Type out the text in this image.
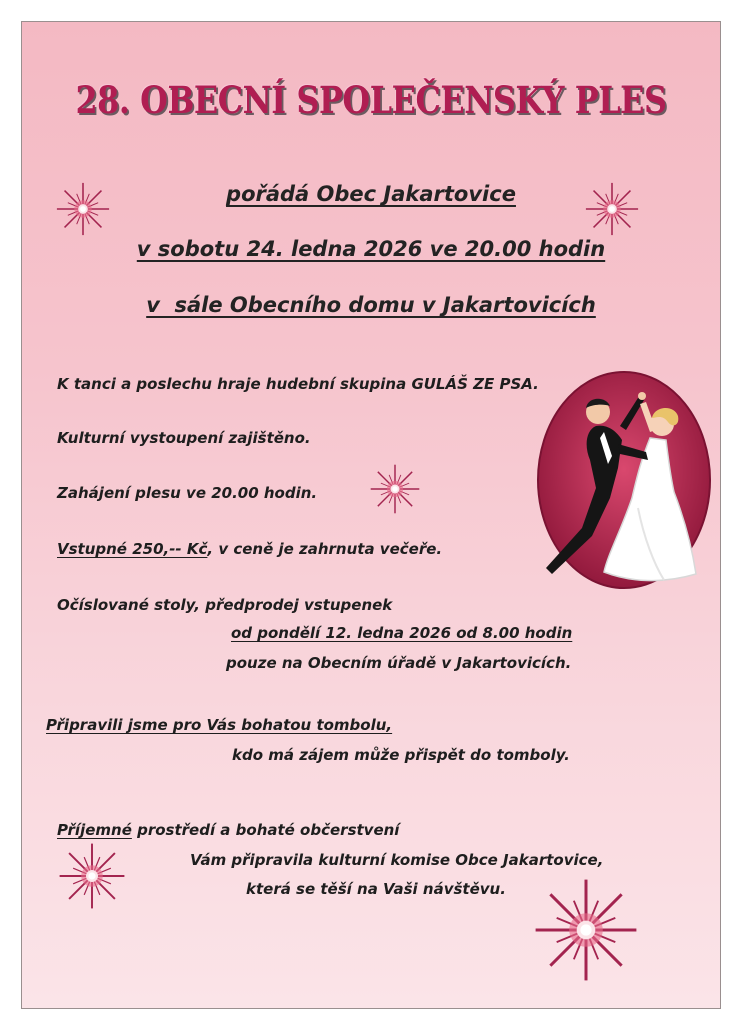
28. OBECNÍ SPOLEČENSKÝ PLES
pořádá Obec Jakartovice
v sobotu 24. ledna 2026 ve 20.00 hodin
v  sále Obecního domu v Jakartovicích
K tanci a poslechu hraje hudební skupina GULÁŠ ZE PSA.
Kulturní vystoupení zajištěno.
Zahájení plesu ve 20.00 hodin.
Vstupné 250,-- Kč, v ceně je zahrnuta večeře.
Očíslované stoly, předprodej vstupenek
od pondělí 12. ledna 2026 od 8.00 hodin
pouze na Obecním úřadě v Jakartovicích.
Připravili jsme pro Vás bohatou tombolu,
kdo má zájem může přispět do tomboly.
Příjemné prostředí a bohaté občerstvení
Vám připravila kulturní komise Obce Jakartovice,
která se těší na Vaši návštěvu.
